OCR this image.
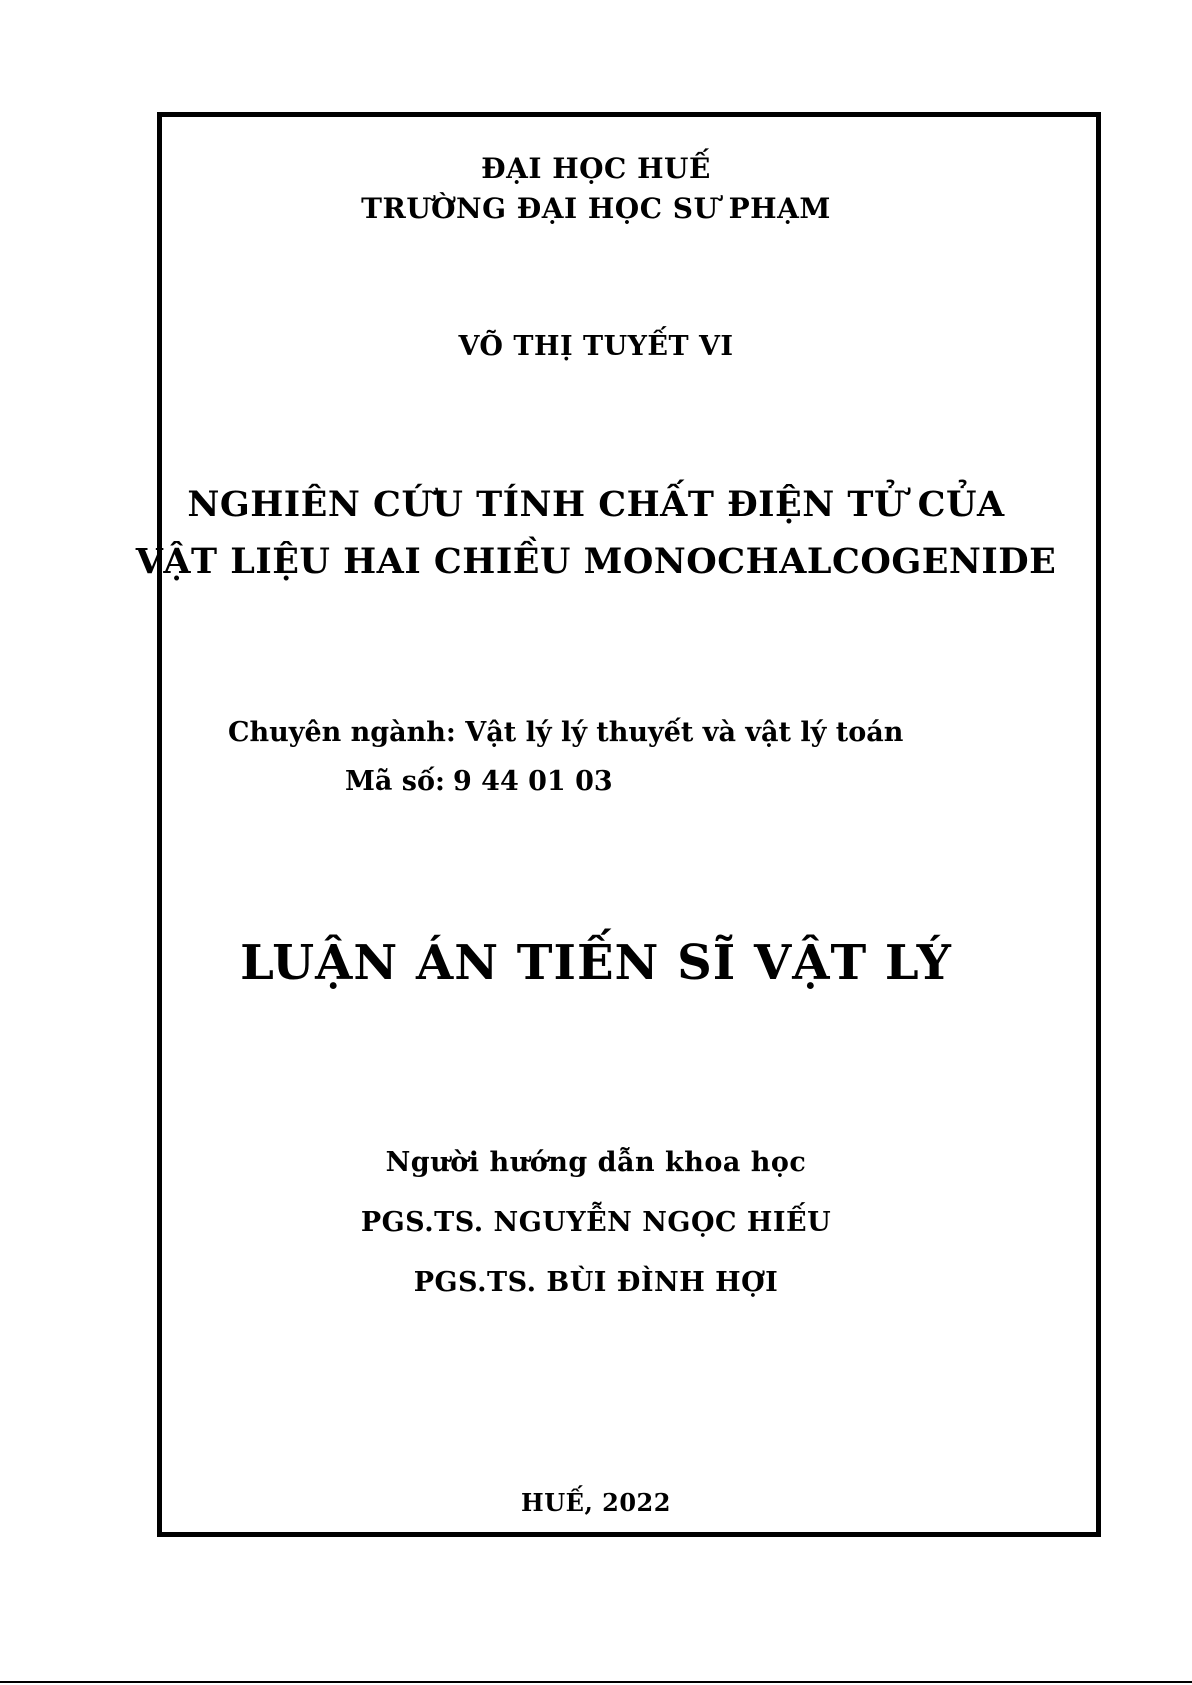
ĐẠI HỌC HUẾ
TRƯỜNG ĐẠI HỌC SƯ PHẠM
VÕ THỊ TUYẾT VI
NGHIÊN CỨU TÍNH CHẤT ĐIỆN TỬ CỦA
VẬT LIỆU HAI CHIỀU MONOCHALCOGENIDE
Chuyên ngành: Vật lý lý thuyết và vật lý toán
Mã số: 9 44 01 03
LUẬN ÁN TIẾN SĨ VẬT LÝ
Người hướng dẫn khoa học
PGS.TS. NGUYỄN NGỌC HIẾU
PGS.TS. BÙI ĐÌNH HỢI
HUẾ, 2022
